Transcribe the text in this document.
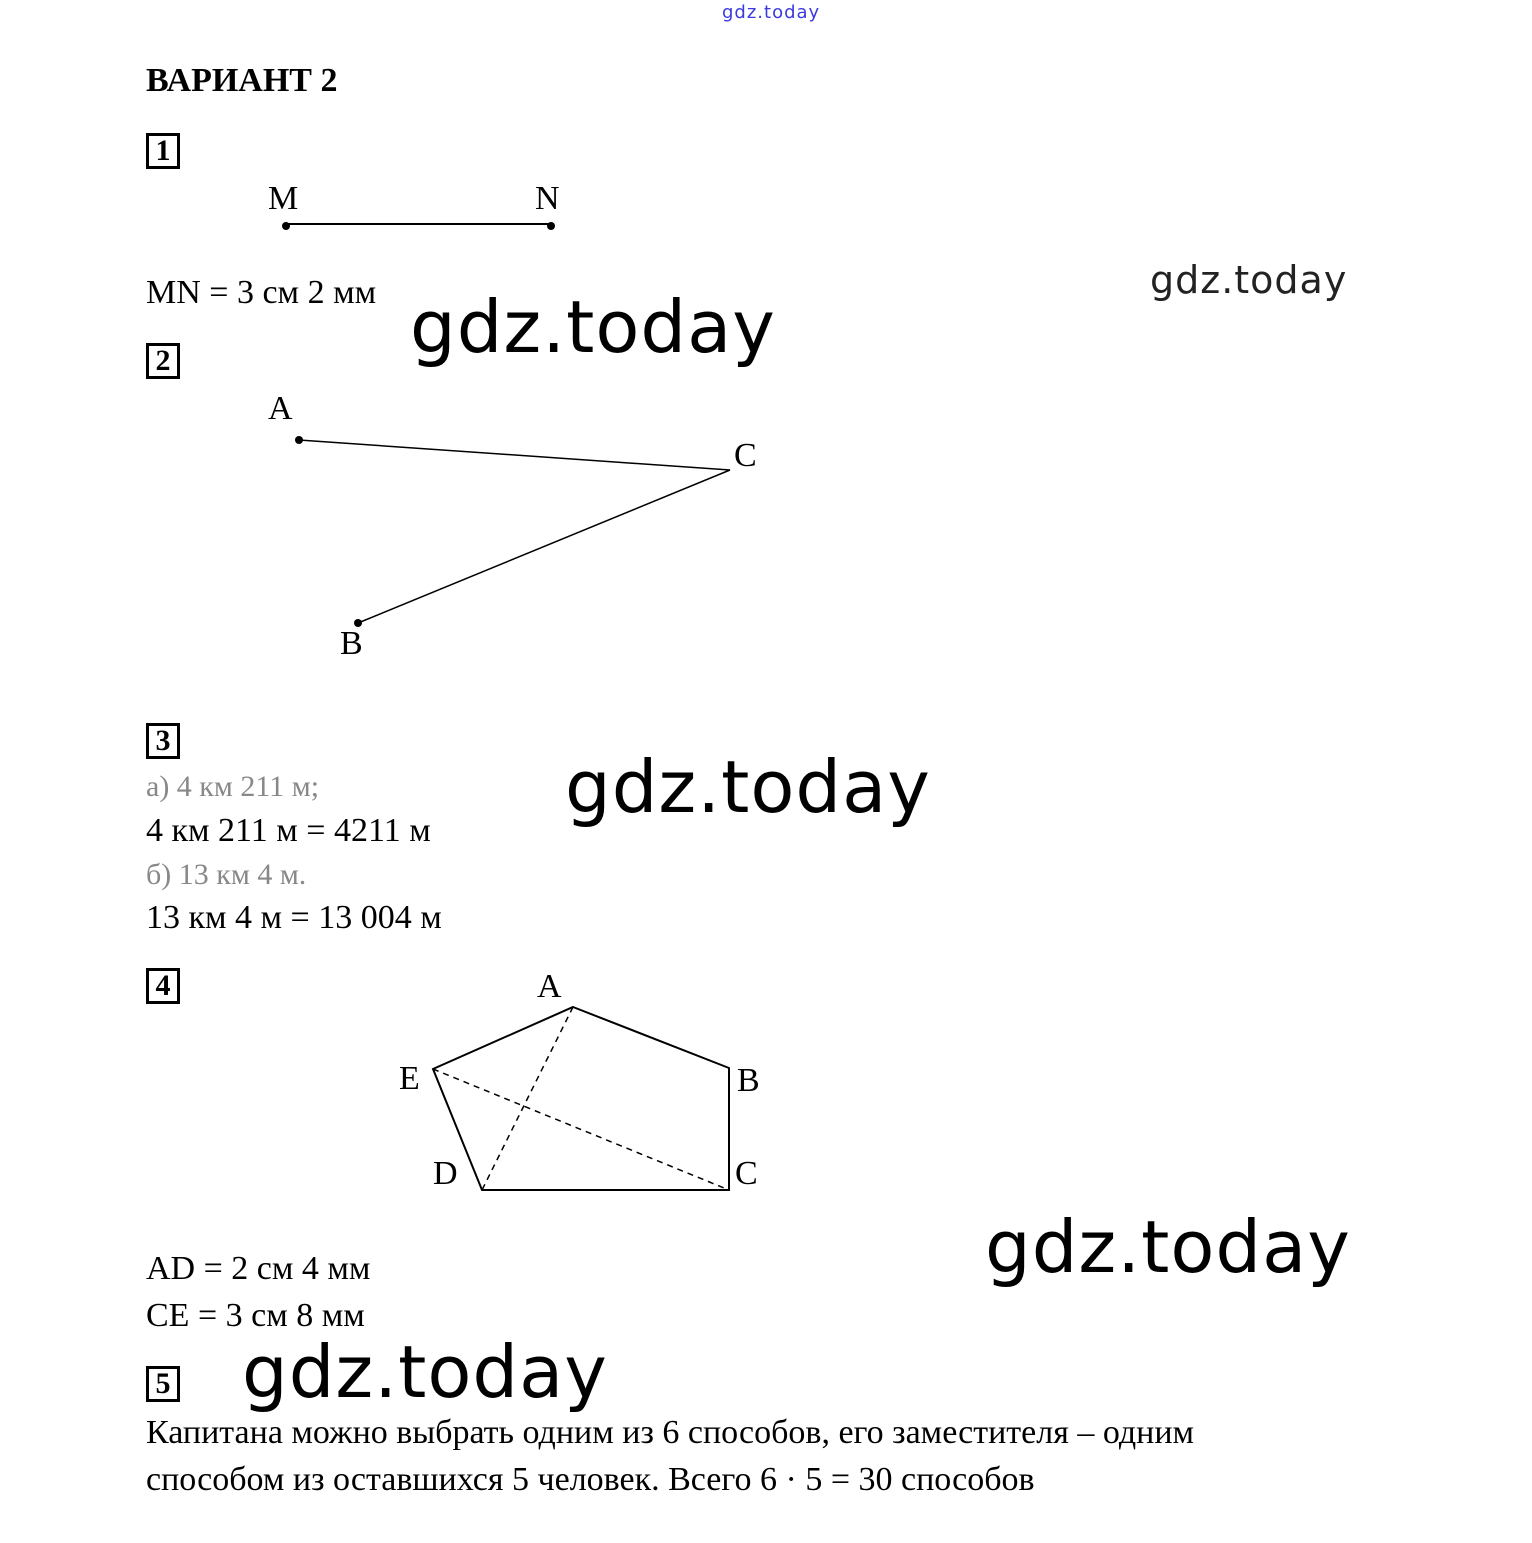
gdz.today
gdz.today
gdz.today
gdz.today
gdz.today
gdz.today
ВАРИАНТ 2
1
M	N
MN = 3 см 2 мм
2
A
C
B
3
а) 4 км 211 м;
4 км 211 м = 4211 м
б) 13 км 4 м.
13 км 4 м = 13 004 м
4	A
B
C
D
E
AD = 2 см 4 мм
CE = 3 см 8 мм
5
Капитана можно выбрать одним из 6 способов, его заместителя – одним
способом из оставшихся 5 человек. Всего 6 · 5 = 30 способов
